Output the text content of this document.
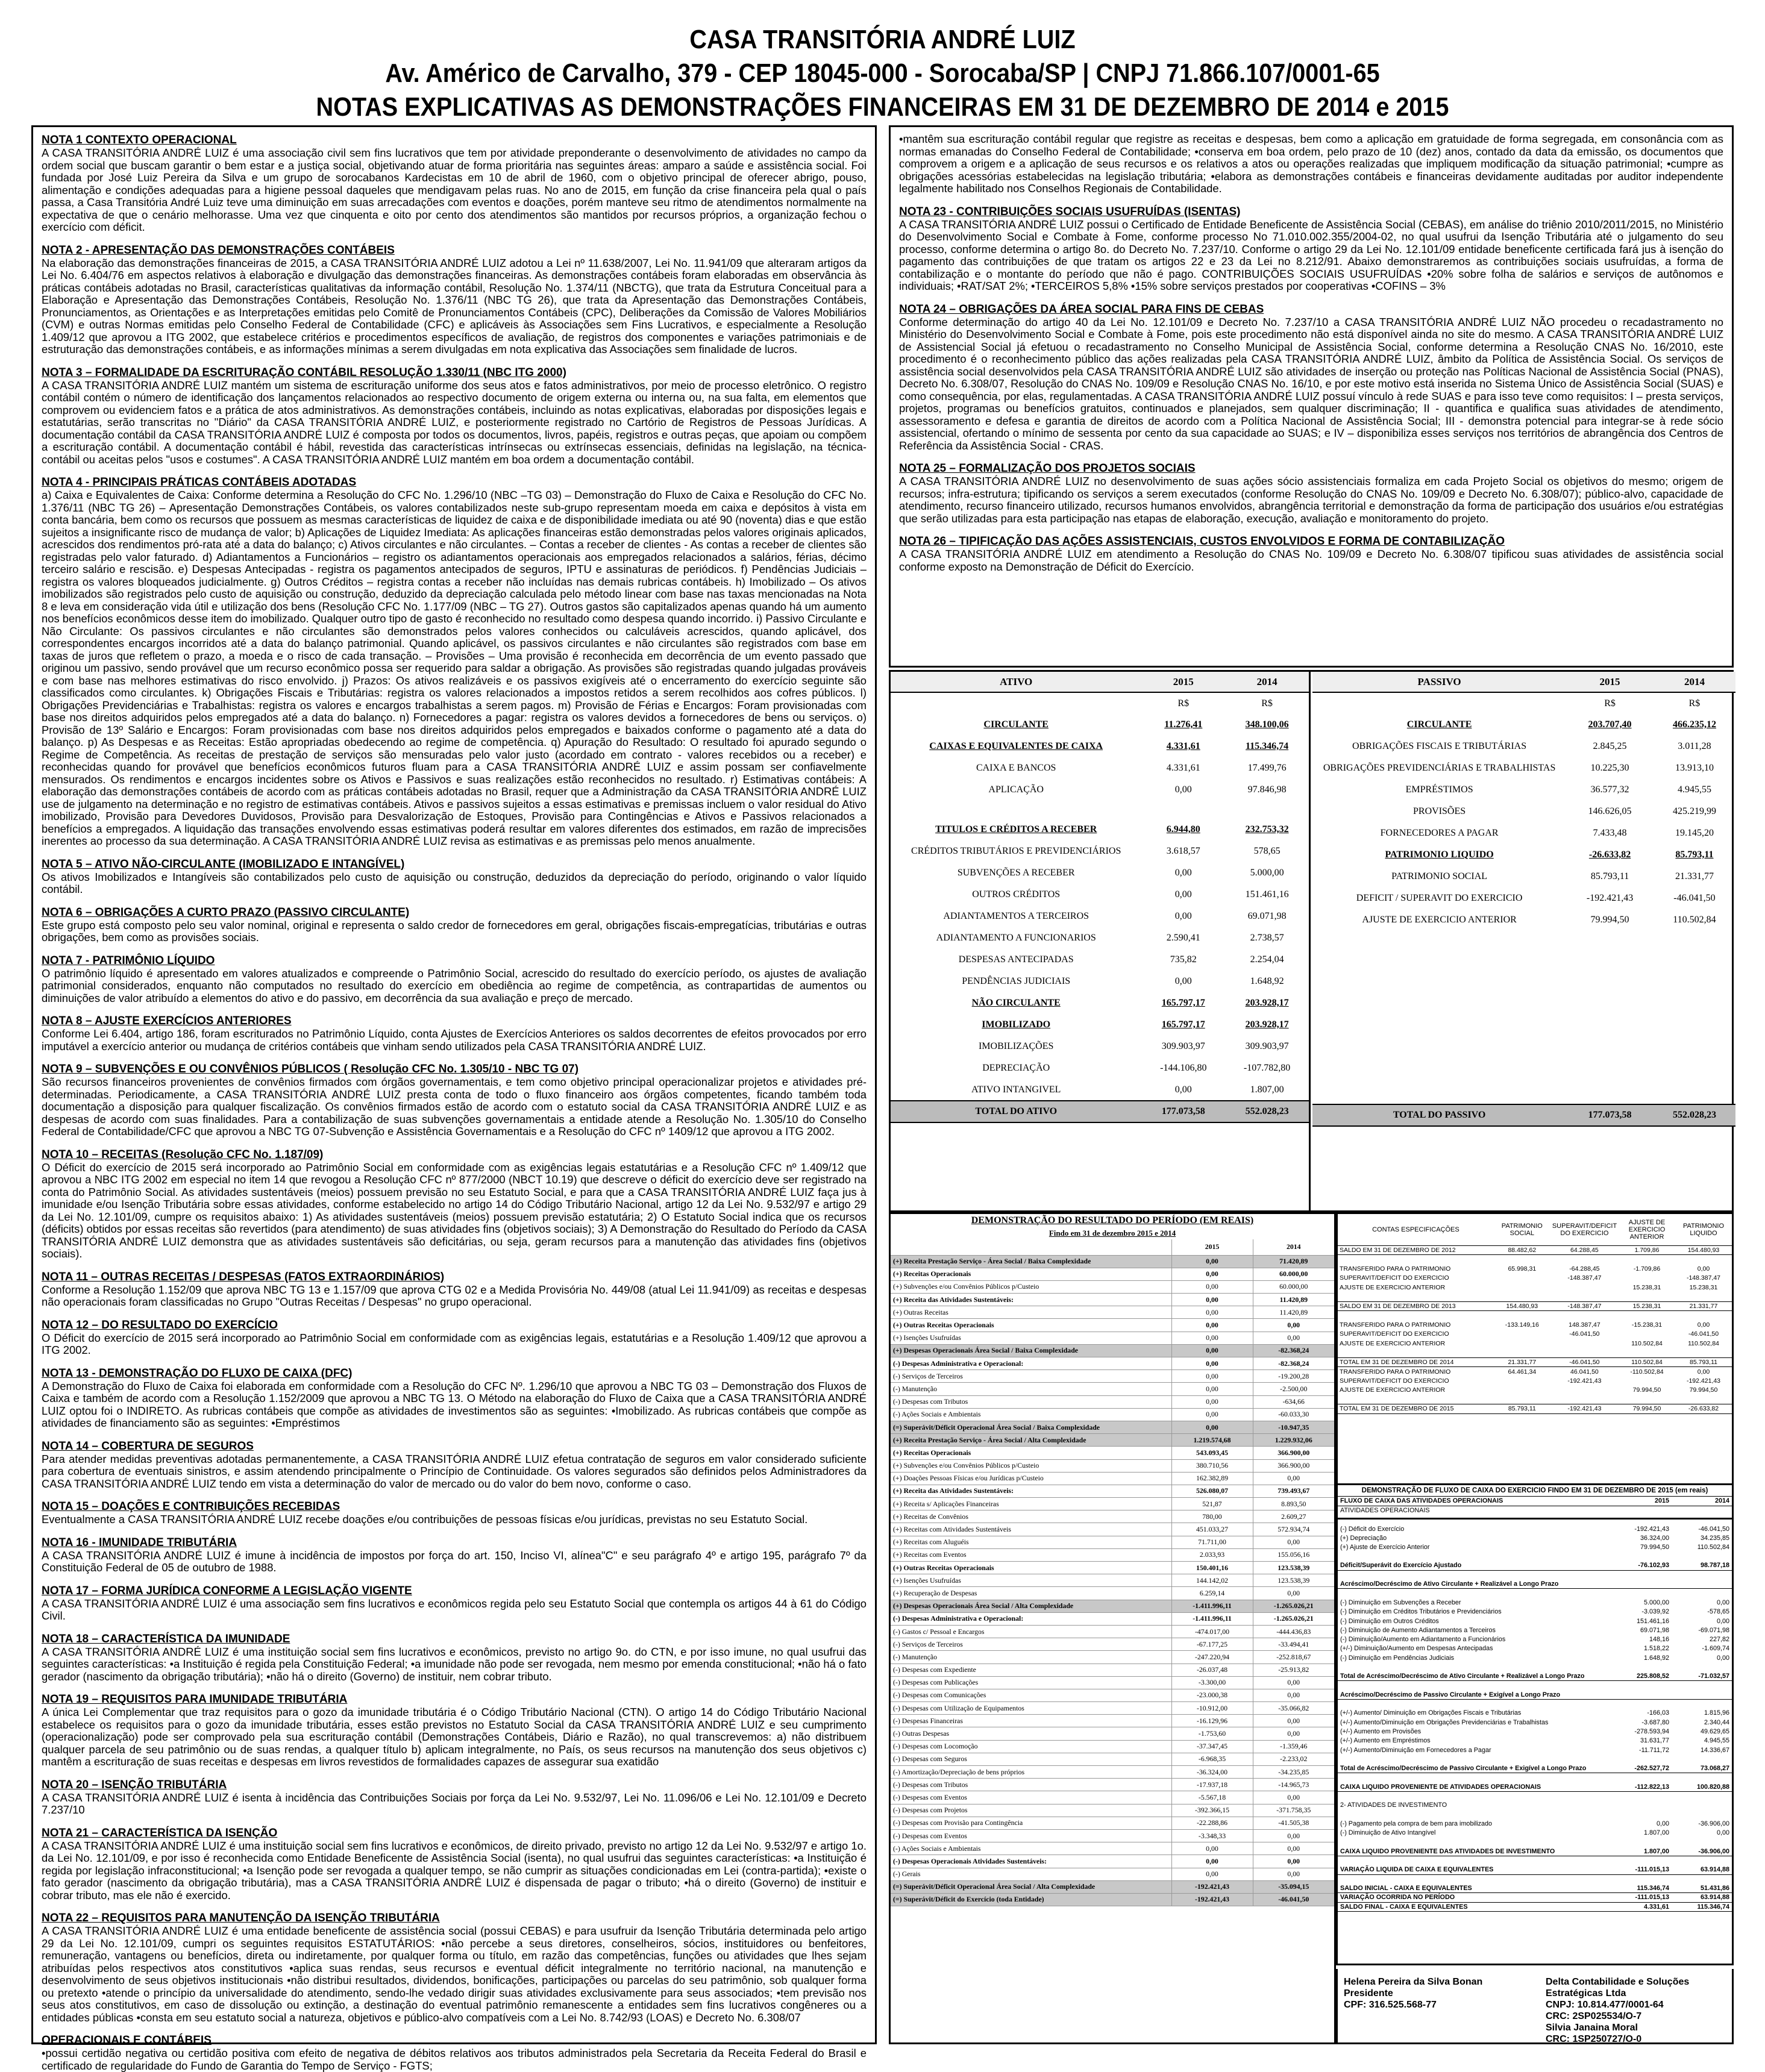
CASA TRANSITÓRIA ANDRÉ LUIZ
Av. Américo de Carvalho, 379 - CEP 18045-000 - Sorocaba/SP | CNPJ 71.866.107/0001-65
NOTAS EXPLICATIVAS AS DEMONSTRAÇÕES FINANCEIRAS EM 31 DE DEZEMBRO DE 2014 e 2015
NOTA 1 CONTEXTO OPERACIONAL
A CASA TRANSITÓRIA ANDRÉ LUIZ é uma associação civil sem fins lucrativos que tem por atividade preponderante o desenvolvimento de atividades no campo da ordem social que buscam garantir o bem estar e a justiça social, objetivando atuar de forma prioritária nas seguintes áreas: amparo a saúde e assistência social. Foi fundada por José Luiz Pereira da Silva e um grupo de sorocabanos Kardecistas em 10 de abril de 1960, com o objetivo principal de oferecer abrigo, pouso, alimentação e condições adequadas para a higiene pessoal daqueles que mendigavam pelas ruas. No ano de 2015, em função da crise financeira pela qual o país passa, a Casa Transitória André Luiz teve uma diminuição em suas arrecadações com eventos e doações, porém manteve seu ritmo de atendimentos normalmente na expectativa de que o cenário melhorasse. Uma vez que cinquenta e oito por cento dos atendimentos são mantidos por recursos próprios, a organização fechou o exercício com déficit.
NOTA 2 - APRESENTAÇÃO DAS DEMONSTRAÇÕES CONTÁBEIS
Na elaboração das demonstrações financeiras de 2015, a CASA TRANSITÓRIA ANDRÉ LUIZ adotou a Lei nº 11.638/2007, Lei No. 11.941/09 que alteraram artigos da Lei No. 6.404/76 em aspectos relativos à elaboração e divulgação das demonstrações financeiras. As demonstrações contábeis foram elaboradas em observância às práticas contábeis adotadas no Brasil, características qualitativas da informação contábil, Resolução No. 1.374/11 (NBCTG), que trata da Estrutura Conceitual para a Elaboração e Apresentação das Demonstrações Contábeis, Resolução No. 1.376/11 (NBC TG 26), que trata da Apresentação das Demonstrações Contábeis, Pronunciamentos, as Orientações e as Interpretações emitidas pelo Comitê de Pronunciamentos Contábeis (CPC), Deliberações da Comissão de Valores Mobiliários (CVM) e outras Normas emitidas pelo Conselho Federal de Contabilidade (CFC) e aplicáveis às Associações sem Fins Lucrativos, e especialmente a Resolução 1.409/12 que aprovou a ITG 2002, que estabelece critérios e procedimentos específicos de avaliação, de registros dos componentes e variações patrimoniais e de estruturação das demonstrações contábeis, e as informações mínimas a serem divulgadas em nota explicativa das Associações sem finalidade de lucros.
NOTA 3 – FORMALIDADE DA ESCRITURAÇÃO CONTÁBIL RESOLUÇÃO 1.330/11 (NBC ITG 2000)
A CASA TRANSITÓRIA ANDRÉ LUIZ mantém um sistema de escrituração uniforme dos seus atos e fatos administrativos, por meio de processo eletrônico. O registro contábil contém o número de identificação dos lançamentos relacionados ao respectivo documento de origem externa ou interna ou, na sua falta, em elementos que comprovem ou evidenciem fatos e a prática de atos administrativos. As demonstrações contábeis, incluindo as notas explicativas, elaboradas por disposições legais e estatutárias, serão transcritas no "Diário" da CASA TRANSITÓRIA ANDRÉ LUIZ, e posteriormente registrado no Cartório de Registros de Pessoas Jurídicas. A documentação contábil da CASA TRANSITÓRIA ANDRÉ LUIZ é composta por todos os documentos, livros, papéis, registros e outras peças, que apoiam ou compõem a escrituração contábil. A documentação contábil é hábil, revestida das características intrínsecas ou extrínsecas essenciais, definidas na legislação, na técnica-contábil ou aceitas pelos "usos e costumes". A CASA TRANSITÓRIA ANDRÉ LUIZ mantém em boa ordem a documentação contábil.
NOTA 4 - PRINCIPAIS PRÁTICAS CONTÁBEIS ADOTADAS
a) Caixa e Equivalentes de Caixa: Conforme determina a Resolução do CFC No. 1.296/10 (NBC –TG 03) – Demonstração do Fluxo de Caixa e Resolução do CFC No. 1.376/11 (NBC TG 26) – Apresentação Demonstrações Contábeis, os valores contabilizados neste sub-grupo representam moeda em caixa e depósitos à vista em conta bancária, bem como os recursos que possuem as mesmas características de liquidez de caixa e de disponibilidade imediata ou até 90 (noventa) dias e que estão sujeitos a insignificante risco de mudança de valor; b) Aplicações de Liquidez Imediata: As aplicações financeiras estão demonstradas pelos valores originais aplicados, acrescidos dos rendimentos pró-rata até a data do balanço; c) Ativos circulantes e não circulantes. – Contas a receber de clientes - As contas a receber de clientes são registradas pelo valor faturado. d) Adiantamentos a Funcionários – registro os adiantamentos operacionais aos empregados relacionados a salários, férias, décimo terceiro salário e rescisão. e) Despesas Antecipadas - registra os pagamentos antecipados de seguros, IPTU e assinaturas de periódicos. f) Pendências Judiciais – registra os valores bloqueados judicialmente. g) Outros Créditos – registra contas a receber não incluídas nas demais rubricas contábeis. h) Imobilizado – Os ativos imobilizados são registrados pelo custo de aquisição ou construção, deduzido da depreciação calculada pelo método linear com base nas taxas mencionadas na Nota 8 e leva em consideração vida útil e utilização dos bens (Resolução CFC No. 1.177/09 (NBC – TG 27). Outros gastos são capitalizados apenas quando há um aumento nos benefícios econômicos desse item do imobilizado. Qualquer outro tipo de gasto é reconhecido no resultado como despesa quando incorrido. i) Passivo Circulante e Não Circulante: Os passivos circulantes e não circulantes são demonstrados pelos valores conhecidos ou calculáveis acrescidos, quando aplicável, dos correspondentes encargos incorridos até a data do balanço patrimonial. Quando aplicável, os passivos circulantes e não circulantes são registrados com base em taxas de juros que refletem o prazo, a moeda e o risco de cada transação. – Provisões – Uma provisão é reconhecida em decorrência de um evento passado que originou um passivo, sendo provável que um recurso econômico possa ser requerido para saldar a obrigação. As provisões são registradas quando julgadas prováveis e com base nas melhores estimativas do risco envolvido. j) Prazos: Os ativos realizáveis e os passivos exigíveis até o encerramento do exercício seguinte são classificados como circulantes. k) Obrigações Fiscais e Tributárias: registra os valores relacionados a impostos retidos a serem recolhidos aos cofres públicos. l) Obrigações Previdenciárias e Trabalhistas: registra os valores e encargos trabalhistas a serem pagos. m) Provisão de Férias e Encargos: Foram provisionadas com base nos direitos adquiridos pelos empregados até a data do balanço. n) Fornecedores a pagar: registra os valores devidos a fornecedores de bens ou serviços. o) Provisão de 13º Salário e Encargos: Foram provisionadas com base nos direitos adquiridos pelos empregados e baixados conforme o pagamento até a data do balanço. p) As Despesas e as Receitas: Estão apropriadas obedecendo ao regime de competência. q) Apuração do Resultado: O resultado foi apurado segundo o Regime de Competência. As receitas de prestação de serviços são mensuradas pelo valor justo (acordado em contrato - valores recebidos ou a receber) e reconhecidas quando for provável que benefícios econômicos futuros fluam para a CASA TRANSITÓRIA ANDRÉ LUIZ e assim possam ser confiavelmente mensurados. Os rendimentos e encargos incidentes sobre os Ativos e Passivos e suas realizações estão reconhecidos no resultado. r) Estimativas contábeis: A elaboração das demonstrações contábeis de acordo com as práticas contábeis adotadas no Brasil, requer que a Administração da CASA TRANSITÓRIA ANDRÉ LUIZ use de julgamento na determinação e no registro de estimativas contábeis. Ativos e passivos sujeitos a essas estimativas e premissas incluem o valor residual do Ativo imobilizado, Provisão para Devedores Duvidosos, Provisão para Desvalorização de Estoques, Provisão para Contingências e Ativos e Passivos relacionados a benefícios a empregados. A liquidação das transações envolvendo essas estimativas poderá resultar em valores diferentes dos estimados, em razão de imprecisões inerentes ao processo da sua determinação. A CASA TRANSITÓRIA ANDRÉ LUIZ revisa as estimativas e as premissas pelo menos anualmente.
NOTA 5 – ATIVO NÃO-CIRCULANTE (IMOBILIZADO E INTANGÍVEL)
Os ativos Imobilizados e Intangíveis são contabilizados pelo custo de aquisição ou construção, deduzidos da depreciação do período, originando o valor líquido contábil.
NOTA 6 – OBRIGAÇÕES A CURTO PRAZO (PASSIVO CIRCULANTE)
Este grupo está composto pelo seu valor nominal, original e representa o saldo credor de fornecedores em geral, obrigações fiscais-empregatícias, tributárias e outras obrigações, bem como as provisões sociais.
NOTA 7 - PATRIMÔNIO LÍQUIDO
O patrimônio líquido é apresentado em valores atualizados e compreende o Patrimônio Social, acrescido do resultado do exercício período, os ajustes de avaliação patrimonial considerados, enquanto não computados no resultado do exercício em obediência ao regime de competência, as contrapartidas de aumentos ou diminuições de valor atribuído a elementos do ativo e do passivo, em decorrência da sua avaliação e preço de mercado.
NOTA 8 – AJUSTE EXERCÍCIOS ANTERIORES
Conforme Lei 6.404, artigo 186, foram escriturados no Patrimônio Líquido, conta Ajustes de Exercícios Anteriores os saldos decorrentes de efeitos provocados por erro imputável a exercício anterior ou mudança de critérios contábeis que vinham sendo utilizados pela CASA TRANSITÓRIA ANDRÉ LUIZ.
NOTA 9 – SUBVENÇÕES E OU CONVÊNIOS PÚBLICOS ( Resolução CFC No. 1.305/10 - NBC TG 07)
São recursos financeiros provenientes de convênios firmados com órgãos governamentais, e tem como objetivo principal operacionalizar projetos e atividades pré-determinadas. Periodicamente, a CASA TRANSITÓRIA ANDRÉ LUIZ presta conta de todo o fluxo financeiro aos órgãos competentes, ficando também toda documentação a disposição para qualquer fiscalização. Os convênios firmados estão de acordo com o estatuto social da CASA TRANSITÓRIA ANDRÉ LUIZ e as despesas de acordo com suas finalidades. Para a contabilização de suas subvenções governamentais a entidade atende a Resolução No. 1.305/10 do Conselho Federal de Contabilidade/CFC que aprovou a NBC TG 07-Subvenção e Assistência Governamentais e a Resolução do CFC nº 1409/12 que aprovou a ITG 2002.
NOTA 10 – RECEITAS (Resolução CFC No. 1.187/09)
O Déficit do exercício de 2015 será incorporado ao Patrimônio Social em conformidade com as exigências legais estatutárias e a Resolução CFC nº 1.409/12 que aprovou a NBC ITG 2002 em especial no item 14 que revogou a Resolução CFC nº 877/2000 (NBCT 10.19) que descreve o déficit do exercício deve ser registrado na conta do Patrimônio Social. As atividades sustentáveis (meios) possuem previsão no seu Estatuto Social, e para que a CASA TRANSITÓRIA ANDRÉ LUIZ faça jus à imunidade e/ou Isenção Tributária sobre essas atividades, conforme estabelecido no artigo 14 do Código Tributário Nacional, artigo 12 da Lei No. 9.532/97 e artigo 29 da Lei No. 12.101/09, cumpre os requisitos abaixo: 1) As atividades sustentáveis (meios) possuem previsão estatutária; 2) O Estatuto Social indica que os recursos (déficits) obtidos por essas receitas são revertidos (para atendimento) de suas atividades fins (objetivos sociais); 3) A Demonstração do Resultado do Período da CASA TRANSITÓRIA ANDRÉ LUIZ demonstra que as atividades sustentáveis são deficitárias, ou seja, geram recursos para a manutenção das atividades fins (objetivos sociais).
NOTA 11 – OUTRAS RECEITAS / DESPESAS (FATOS EXTRAORDINÁRIOS)
Conforme a Resolução 1.152/09 que aprova NBC TG 13 e 1.157/09 que aprova CTG 02 e a Medida Provisória No. 449/08 (atual Lei 11.941/09) as receitas e despesas não operacionais foram classificadas no Grupo "Outras Receitas / Despesas" no grupo operacional.
NOTA 12 – DO RESULTADO DO EXERCÍCIO
O Déficit do exercício de 2015 será incorporado ao Patrimônio Social em conformidade com as exigências legais, estatutárias e a Resolução 1.409/12 que aprovou a ITG 2002.
NOTA 13 - DEMONSTRAÇÃO DO FLUXO DE CAIXA (DFC)
A Demonstração do Fluxo de Caixa foi elaborada em conformidade com a Resolução do CFC Nº. 1.296/10 que aprovou a NBC TG 03 – Demonstração dos Fluxos de Caixa e também de acordo com a Resolução 1.152/2009 que aprovou a NBC TG 13. O Método na elaboração do Fluxo de Caixa que a CASA TRANSITÓRIA ANDRÉ LUIZ optou foi o INDIRETO. As rubricas contábeis que compõe as atividades de investimentos são as seguintes: •Imobilizado. As rubricas contábeis que compõe as atividades de financiamento são as seguintes: •Empréstimos
NOTA 14 – COBERTURA DE SEGUROS
Para atender medidas preventivas adotadas permanentemente, a CASA TRANSITÓRIA ANDRÉ LUIZ efetua contratação de seguros em valor considerado suficiente para cobertura de eventuais sinistros, e assim atendendo principalmente o Princípio de Continuidade. Os valores segurados são definidos pelos Administradores da CASA TRANSITÓRIA ANDRÉ LUIZ tendo em vista a determinação do valor de mercado ou do valor do bem novo, conforme o caso.
NOTA 15 – DOAÇÕES E CONTRIBUIÇÕES RECEBIDAS
Eventualmente a CASA TRANSITÓRIA ANDRÉ LUIZ recebe doações e/ou contribuições de pessoas físicas e/ou jurídicas, previstas no seu Estatuto Social.
NOTA 16 - IMUNIDADE TRIBUTÁRIA
A CASA TRANSITÓRIA ANDRÉ LUIZ é imune à incidência de impostos por força do art. 150, Inciso VI, alínea"C" e seu parágrafo 4º e artigo 195, parágrafo 7º da Constituição Federal de 05 de outubro de 1988.
NOTA 17 – FORMA JURÍDICA CONFORME A LEGISLAÇÃO VIGENTE
A CASA TRANSITÓRIA ANDRÉ LUIZ é uma associação sem fins lucrativos e econômicos regida pelo seu Estatuto Social que contempla os artigos 44 à 61 do Código Civil.
NOTA 18 – CARACTERÍSTICA DA IMUNIDADE
A CASA TRANSITÓRIA ANDRÉ LUIZ é uma instituição social sem fins lucrativos e econômicos, previsto no artigo 9o. do CTN, e por isso imune, no qual usufrui das seguintes características: •a Instituição é regida pela Constituição Federal; •a imunidade não pode ser revogada, nem mesmo por emenda constitucional; •não há o fato gerador (nascimento da obrigação tributária); •não há o direito (Governo) de instituir, nem cobrar tributo.
NOTA 19 – REQUISITOS PARA IMUNIDADE TRIBUTÁRIA
A única Lei Complementar que traz requisitos para o gozo da imunidade tributária é o Código Tributário Nacional (CTN). O artigo 14 do Código Tributário Nacional estabelece os requisitos para o gozo da imunidade tributária, esses estão previstos no Estatuto Social da CASA TRANSITÓRIA ANDRÉ LUIZ e seu cumprimento (operacionalização) pode ser comprovado pela sua escrituração contábil (Demonstrações Contábeis, Diário e Razão), no qual transcrevemos: a) não distribuem qualquer parcela de seu patrimônio ou de suas rendas, a qualquer título b) aplicam integralmente, no País, os seus recursos na manutenção dos seus objetivos c) mantêm a escrituração de suas receitas e despesas em livros revestidos de formalidades capazes de assegurar sua exatidão
NOTA 20 – ISENÇÃO TRIBUTÁRIA
A CASA TRANSITÓRIA ANDRÉ LUIZ é isenta à incidência das Contribuições Sociais por força da Lei No. 9.532/97, Lei No. 11.096/06 e Lei No. 12.101/09 e Decreto 7.237/10
NOTA 21 – CARACTERÍSTICA DA ISENÇÃO
A CASA TRANSITÓRIA ANDRÉ LUIZ é uma instituição social sem fins lucrativos e econômicos, de direito privado, previsto no artigo 12 da Lei No. 9.532/97 e artigo 1o. da Lei No. 12.101/09, e por isso é reconhecida como Entidade Beneficente de Assistência Social (isenta), no qual usufrui das seguintes características: •a Instituição é regida por legislação infraconstitucional; •a Isenção pode ser revogada a qualquer tempo, se não cumprir as situações condicionadas em Lei (contra-partida); •existe o fato gerador (nascimento da obrigação tributária), mas a CASA TRANSITÓRIA ANDRÉ LUIZ é dispensada de pagar o tributo; •há o direito (Governo) de instituir e cobrar tributo, mas ele não é exercido.
NOTA 22 – REQUISITOS PARA MANUTENÇÃO DA ISENÇÃO TRIBUTÁRIA
A CASA TRANSITÓRIA ANDRÉ LUIZ é uma entidade beneficente de assistência social (possui CEBAS) e para usufruir da Isenção Tributária determinada pelo artigo 29 da Lei No. 12.101/09, cumpri os seguintes requisitos ESTATUTÁRIOS: •não percebe a seus diretores, conselheiros, sócios, instituidores ou benfeitores, remuneração, vantagens ou benefícios, direta ou indiretamente, por qualquer forma ou título, em razão das competências, funções ou atividades que lhes sejam atribuídas pelos respectivos atos constitutivos •aplica suas rendas, seus recursos e eventual déficit integralmente no território nacional, na manutenção e desenvolvimento de seus objetivos institucionais •não distribui resultados, dividendos, bonificações, participações ou parcelas do seu patrimônio, sob qualquer forma ou pretexto •atende o princípio da universalidade do atendimento, sendo-lhe vedado dirigir suas atividades exclusivamente para seus associados; •tem previsão nos seus atos constitutivos, em caso de dissolução ou extinção, a destinação do eventual patrimônio remanescente a entidades sem fins lucrativos congêneres ou a entidades públicas •consta em seu estatuto social a natureza, objetivos e público-alvo compatíveis com a Lei No. 8.742/93 (LOAS) e Decreto No. 6.308/07
OPERACIONAIS E CONTÁBEIS
•possui certidão negativa ou certidão positiva com efeito de negativa de débitos relativos aos tributos administrados pela Secretaria da Receita Federal do Brasil e certificado de regularidade do Fundo de Garantia do Tempo de Serviço - FGTS;
•mantêm sua escrituração contábil regular que registre as receitas e despesas, bem como a aplicação em gratuidade de forma segregada, em consonância com as normas emanadas do Conselho Federal de Contabilidade; •conserva em boa ordem, pelo prazo de 10 (dez) anos, contado da data da emissão, os documentos que comprovem a origem e a aplicação de seus recursos e os relativos a atos ou operações realizadas que impliquem modificação da situação patrimonial; •cumpre as obrigações acessórias estabelecidas na legislação tributária; •elabora as demonstrações contábeis e financeiras devidamente auditadas por auditor independente legalmente habilitado nos Conselhos Regionais de Contabilidade.
NOTA 23 - CONTRIBUIÇÕES SOCIAIS USUFRUÍDAS (ISENTAS)
A CASA TRANSITÓRIA ANDRÉ LUIZ possui o Certificado de Entidade Beneficente de Assistência Social (CEBAS), em análise do triênio 2010/2011/2015, no Ministério do Desenvolvimento Social e Combate à Fome, conforme processo No 71.010.002.355/2004-02, no qual usufrui da Isenção Tributária até o julgamento do seu processo, conforme determina o artigo 8o. do Decreto No. 7.237/10. Conforme o artigo 29 da Lei No. 12.101/09 entidade beneficente certificada fará jus à isenção do pagamento das contribuições de que tratam os artigos 22 e 23 da Lei no 8.212/91. Abaixo demonstraremos as contribuições sociais usufruídas, a forma de contabilização e o montante do período que não é pago. CONTRIBUIÇÕES SOCIAIS USUFRUÍDAS •20% sobre folha de salários e serviços de autônomos e individuais; •RAT/SAT 2%; •TERCEIROS 5,8% •15% sobre serviços prestados por cooperativas •COFINS – 3%
NOTA 24 – OBRIGAÇÕES DA ÁREA SOCIAL PARA FINS DE CEBAS
Conforme determinação do artigo 40 da Lei No. 12.101/09 e Decreto No. 7.237/10 a CASA TRANSITÓRIA ANDRÉ LUIZ NÃO procedeu o recadastramento no Ministério do Desenvolvimento Social e Combate à Fome, pois este procedimento não está disponível ainda no site do mesmo. A CASA TRANSITÓRIA ANDRÉ LUIZ de Assistencial Social já efetuou o recadastramento no Conselho Municipal de Assistência Social, conforme determina a Resolução CNAS No. 16/2010, este procedimento é o reconhecimento público das ações realizadas pela CASA TRANSITÓRIA ANDRÉ LUIZ, âmbito da Política de Assistência Social. Os serviços de assistência social desenvolvidos pela CASA TRANSITÓRIA ANDRÉ LUIZ são atividades de inserção ou proteção nas Políticas Nacional de Assistência Social (PNAS), Decreto No. 6.308/07, Resolução do CNAS No. 109/09 e Resolução CNAS No. 16/10, e por este motivo está inserida no Sistema Único de Assistência Social (SUAS) e como consequência, por elas, regulamentadas. A CASA TRANSITÓRIA ANDRÉ LUIZ possuí vínculo à rede SUAS e para isso teve como requisitos: I – presta serviços, projetos, programas ou benefícios gratuitos, continuados e planejados, sem qualquer discriminação; II - quantifica e qualifica suas atividades de atendimento, assessoramento e defesa e garantia de direitos de acordo com a Política Nacional de Assistência Social; III - demonstra potencial para integrar-se à rede sócio assistencial, ofertando o mínimo de sessenta por cento da sua capacidade ao SUAS; e IV – disponibiliza esses serviços nos territórios de abrangência dos Centros de Referência da Assistência Social - CRAS.
NOTA 25 – FORMALIZAÇÃO DOS PROJETOS SOCIAIS
A CASA TRANSITÓRIA ANDRÉ LUIZ no desenvolvimento de suas ações sócio assistenciais formaliza em cada Projeto Social os objetivos do mesmo; origem de recursos; infra-estrutura; tipificando os serviços a serem executados (conforme Resolução do CNAS No. 109/09 e Decreto No. 6.308/07); público-alvo, capacidade de atendimento, recurso financeiro utilizado, recursos humanos envolvidos, abrangência territorial e demonstração da forma de participação dos usuários e/ou estratégias que serão utilizadas para esta participação nas etapas de elaboração, execução, avaliação e monitoramento do projeto.
NOTA 26 – TIPIFICAÇÃO DAS AÇÕES ASSISTENCIAIS, CUSTOS ENVOLVIDOS E FORMA DE CONTABILIZAÇÃO
A CASA TRANSITÓRIA ANDRÉ LUIZ em atendimento a Resolução do CNAS No. 109/09 e Decreto No. 6.308/07 tipificou suas atividades de assistência social conforme exposto na Demonstração de Déficit do Exercício.
ATIVO	2015	2014
	R$	R$
CIRCULANTE	11.276,41	348.100,06
CAIXAS E EQUIVALENTES DE CAIXA	4.331,61	115.346,74
CAIXA E BANCOS	4.331,61	17.499,76
APLICAÇÃO	0,00	97.846,98

TITULOS E CRÉDITOS A RECEBER	6.944,80	232.753,32
CRÉDITOS TRIBUTÁRIOS E PREVIDENCIÁRIOS	3.618,57	578,65
SUBVENÇÕES A RECEBER	0,00	5.000,00
OUTROS CRÉDITOS	0,00	151.461,16
ADIANTAMENTOS A TERCEIROS	0,00	69.071,98
ADIANTAMENTO A FUNCIONARIOS	2.590,41	2.738,57
DESPESAS ANTECIPADAS	735,82	2.254,04
PENDÊNCIAS JUDICIAIS	0,00	1.648,92
NÃO CIRCULANTE	165.797,17	203.928,17
IMOBILIZADO	165.797,17	203.928,17
IMOBILIZAÇÕES	309.903,97	309.903,97
DEPRECIAÇÃO	-144.106,80	-107.782,80
ATIVO INTANGIVEL	0,00	1.807,00
TOTAL DO ATIVO	177.073,58	552.028,23
PASSIVO	2015	2014
	R$	R$
CIRCULANTE	203.707,40	466.235,12
OBRIGAÇÕES FISCAIS E TRIBUTÁRIAS	2.845,25	3.011,28
OBRIGAÇÕES PREVIDENCIÁRIAS E TRABALHISTAS	10.225,30	13.913,10
EMPRÉSTIMOS	36.577,32	4.945,55
PROVISÕES	146.626,05	425.219,99
FORNECEDORES A PAGAR	7.433,48	19.145,20
PATRIMONIO LIQUIDO	-26.633,82	85.793,11
PATRIMONIO SOCIAL	85.793,11	21.331,77
DEFICIT / SUPERAVIT DO EXERCICIO	-192.421,43	-46.041,50
AJUSTE DE EXERCICIO ANTERIOR	79.994,50	110.502,84

TOTAL DO PASSIVO	177.073,58	552.028,23
DEMONSTRAÇÃO DO RESULTADO DO PERÍODO (EM REAIS)
Findo em 31 de dezembro 2015 e 2014
	2015	2014
(+) Receita Prestação Serviço - Área Social / Baixa Complexidade	0,00	71.420,89
(+) Receitas Operacionais	0,00	60.000,00
(+) Subvenções e/ou Convênios Públicos p/Custeio	0,00	60.000,00
(+) Receita das Atividades Sustentáveis:	0,00	11.420,89
(+) Outras Receitas	0,00	11.420,89
(+) Outras Receitas Operacionais	0,00	0,00
(+) Isenções Usufruídas	0,00	0,00
(+) Despesas Operacionais Área Social / Baixa Complexidade	0,00	-82.368,24
(-) Despesas Administrativa e Operacional:	0,00	-82.368,24
(-) Serviços de Terceiros	0,00	-19.200,28
(-) Manutenção	0,00	-2.500,00
(-) Despesas com Tributos	0,00	-634,66
(-) Ações Sociais e Ambientais	0,00	-60.033,30
(=) Superávit/Déficit Operacional Área Social / Baixa Complexidade	0,00	-10.947,35
(+) Receita Prestação Serviço - Área Social / Alta Complexidade	1.219.574,68	1.229.932,06
(+) Receitas Operacionais	543.093,45	366.900,00
(+) Subvenções e/ou Convênios Públicos p/Custeio	380.710,56	366.900,00
(+) Doações Pessoas Físicas e/ou Jurídicas p/Custeio	162.382,89	0,00
(+) Receita das Atividades Sustentáveis:	526.080,07	739.493,67
(+) Receita s/ Aplicações Financeiras	521,87	8.893,50
(+) Receitas de Convênios	780,00	2.609,27
(+) Receitas com Atividades Sustentáveis	451.033,27	572.934,74
(+) Receitas com Aluguéis	71.711,00	0,00
(+) Receitas com Eventos	2.033,93	155.056,16
(+) Outras Receitas Operacionais	150.401,16	123.538,39
(+) Isenções Usufruídas	144.142,02	123.538,39
(+) Recuperação de Despesas	6.259,14	0,00
(+) Despesas Operacionais Área Social / Alta Complexidade	-1.411.996,11	-1.265.026,21
(-) Despesas Administrativa e Operacional:	-1.411.996,11	-1.265.026,21
(-) Gastos c/ Pessoal e Encargos	-474.017,00	-444.436,83
(-) Serviços de Terceiros	-67.177,25	-33.494,41
(-) Manutenção	-247.220,94	-252.818,67
(-) Despesas com Expediente	-26.037,48	-25.913,82
(-) Despesas com Publicações	-3.300,00	0,00
(-) Despesas com Comunicações	-23.000,38	0,00
(-) Despesas com Utilização de Equipamentos	-10.912,00	-35.066,82
(-) Despesas Financeiras	-16.129,96	0,00
(-) Outras Despesas	-1.753,60	0,00
(-) Despesas com Locomoção	-37.347,45	-1.359,46
(-) Despesas com Seguros	-6.968,35	-2.233,02
(-) Amortização/Depreciação de bens próprios	-36.324,00	-34.235,85
(-) Despesas com Tributos	-17.937,18	-14.965,73
(-) Despesas com Eventos	-5.567,18	0,00
(-) Despesas com Projetos	-392.366,15	-371.758,35
(-) Despesas com Provisão para Contingência	-22.288,86	-41.505,38
(-) Despesas com Eventos	-3.348,33	0,00
(-) Ações Sociais e Ambientais	0,00	0,00
(-) Despesas Operacionais Atividades Sustentáveis:	0,00	0,00
(-) Gerais	0,00	0,00
(=) Superávit/Déficit Operacional Área Social / Alta Complexidade	-192.421,43	-35.094,15
(=) Superávit/Déficit do Exercício (toda Entidade)	-192.421,43	-46.041,50
CONTAS ESPECIFICAÇÕES	PATRIMONIO SOCIAL	SUPERAVIT/DEFICIT DO EXERCICIO	AJUSTE DE EXERCICIO ANTERIOR	PATRIMONIO LIQUIDO
SALDO EM 31 DE DEZEMBRO DE 2012	88.482,62	64.288,45	1.709,86	154.480,93

TRANSFERIDO PARA O PATRIMONIO	65.998,31	-64.288,45	-1.709,86	0,00
SUPERAVIT/DEFICIT DO EXERCICIO		-148.387,47		-148.387,47
AJUSTE DE EXERCICIO ANTERIOR			15.238,31	15.238,31

SALDO EM 31 DE DEZEMBRO DE 2013	154.480,93	-148.387,47	15.238,31	21.331,77

TRANSFERIDO PARA O PATRIMONIO	-133.149,16	148.387,47	-15.238,31	0,00
SUPERAVIT/DEFICIT DO EXERCICIO		-46.041,50		-46.041,50
AJUSTE DE EXERCICIO ANTERIOR			110.502,84	110.502,84

TOTAL EM 31 DE DEZEMBRO DE 2014	21.331,77	-46.041,50	110.502,84	85.793,11
TRANSFERIDO PARA O PATRIMONIO	64.461,34	46.041,50	-110.502,84	0,00
SUPERAVIT/DEFICIT DO EXERCICIO		-192.421,43		-192.421,43
AJUSTE DE EXERCICIO ANTERIOR			79.994,50	79.994,50

TOTAL EM 31 DE DEZEMBRO DE 2015	85.793,11	-192.421,43	79.994,50	-26.633,82
DEMONSTRAÇÃO DE FLUXO DE CAIXA DO EXERCICIO FINDO EM 31 DE DEZEMBRO DE 2015 (em reais)
FLUXO DE CAIXA DAS ATIVIDADES OPERACIONAIS	2015	2014
ATIVIDADES OPERACIONAIS		

(-) Déficit do Exercício	-192.421,43	-46.041,50
(+) Depreciação	36.324,00	34.235,85
(+) Ajuste de Exercício Anterior	79.994,50	110.502,84

Déficit/Superávit do Exercício Ajustado	-76.102,93	98.787,18

Acréscimo/Decréscimo de Ativo Circulante + Realizável a Longo Prazo		

(-) Diminuição em Subvenções a Receber	5.000,00	0,00
(-) Diminuição em Créditos Tributários e Previdenciários	-3.039,92	-578,65
(-) Diminuição em Outros Créditos	151.461,16	0,00
(-) Diminuição de Aumento Adiantamentos a Terceiros	69.071,98	-69.071,98
(-) Diminuição/Aumento em Adiantamento a Funcionários	148,16	227,82
(+/-) Diminuição/Aumento em Despesas Antecipadas	1.518,22	-1.609,74
(-) Diminuição em Pendências Judiciais	1.648,92	0,00

Total de Acréscimo/Decréscimo de Ativo Circulante + Realizável a Longo Prazo	225.808,52	-71.032,57

Acréscimo/Decréscimo de Passivo Circulante + Exigível a Longo Prazo		

(+/-) Aumento/ Diminuição em Obrigações Fiscais e Tributárias	-166,03	1.815,96
(+/-) Aumento/Diminuição em Obrigações Previdenciárias e Trabalhistas	-3.687,80	2.340,44
(+/-) Aumento em Provisões	-278.593,94	49.629,65
(+/-) Aumento em Empréstimos	31.631,77	4.945,55
(+/-) Aumento/Diminuição em Fornecedores a Pagar	-11.711,72	14.336,67

Total de Acréscimo/Decréscimo de Passivo Circulante + Exigível a Longo Prazo	-262.527,72	73.068,27

CAIXA LIQUIDO PROVENIENTE DE ATIVIDADES OPERACIONAIS	-112.822,13	100.820,88

2- ATIVIDADES DE INVESTIMENTO		

(-) Pagamento pela compra de bem para imobilizado	0,00	-36.906,00
(-) Diminuição de Ativo Intangível	1.807,00	0,00

CAIXA LIQUIDO PROVENIENTE DAS ATIVIDADES DE INVESTIMENTO	1.807,00	-36.906,00

VARIAÇÃO LIQUIDA DE CAIXA E EQUIVALENTES	-111.015,13	63.914,88

SALDO INICIAL - CAIXA E EQUIVALENTES	115.346,74	51.431,86
VARIAÇÃO OCORRIDA NO PERÍODO	-111.015,13	63.914,88
SALDO FINAL - CAIXA E EQUIVALENTES	4.331,61	115.346,74
Helena Pereira da Silva Bonan
Presidente
CPF: 316.525.568-77
Delta Contabilidade e Soluções Estratégicas Ltda
CNPJ: 10.814.477/0001-64
CRC: 2SP025534/O-7
Silvia Janaina Moral
CRC: 1SP250727/O-0
